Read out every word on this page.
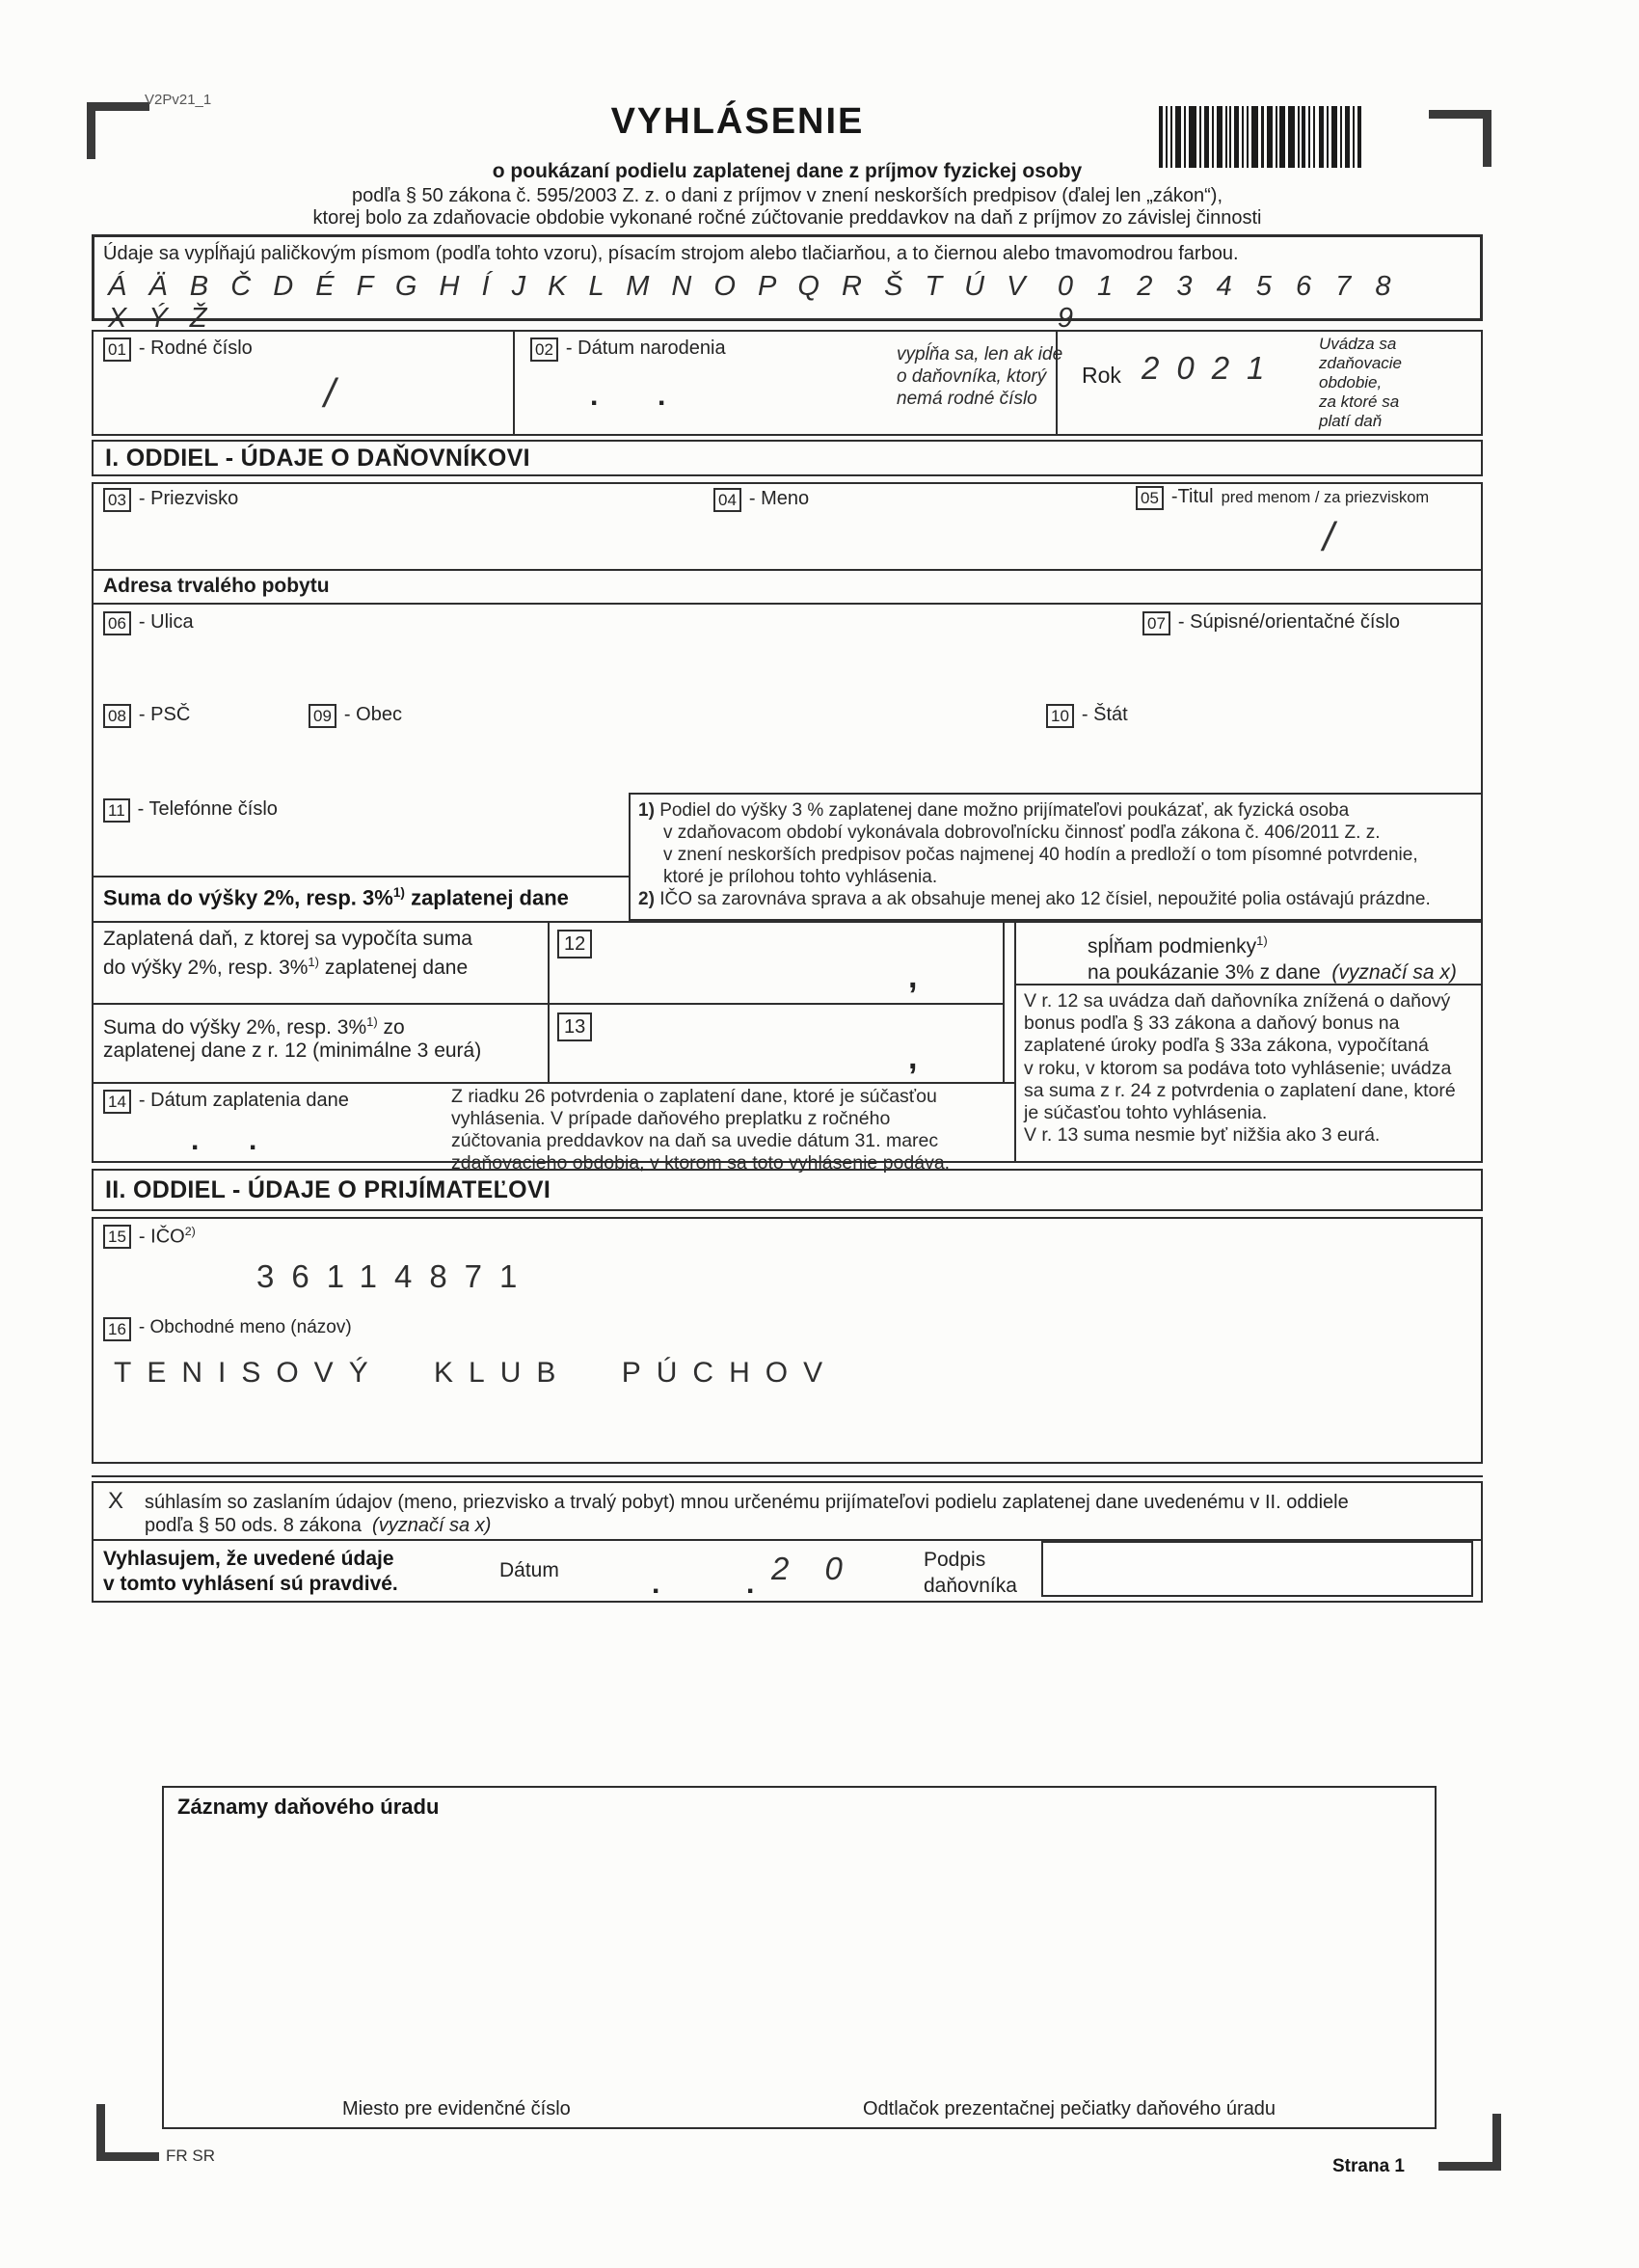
V2Pv21_1
VYHLÁSENIE
o poukázaní podielu zaplatenej dane z príjmov fyzickej osoby
podľa § 50 zákona č. 595/2003 Z. z. o dani z príjmov v znení neskorších predpisov (ďalej len „zákon“),
ktorej bolo za zdaňovacie obdobie vykonané ročné zúčtovanie preddavkov na daň z príjmov zo závislej činnosti
Údaje sa vypĺňajú paličkovým písmom (podľa tohto vzoru), písacím strojom alebo tlačiarňou, a to čiernou alebo tmavomodrou farbou.
Á Ä B Č D É F G H Í J K L M N O P Q R Š T Ú V X Ý Ž
0 1 2 3 4 5 6 7 8 9
01 - Rodné číslo
/
02 - Dátum narodenia
. .
vypĺňa sa, len ak ide
o daňovníka, ktorý
nemá rodné číslo
Rok 2021
Uvádza sa
zdaňovacie
obdobie,
za ktoré sa
platí daň
I. ODDIEL - ÚDAJE O DAŇOVNÍKOVI
03 - Priezvisko	04 - Meno	05 -Titul pred menom / za priezviskom
/
Adresa trvalého pobytu
06 - Ulica	07 - Súpisné/orientačné číslo
08 - PSČ	09 - Obec	10 - Štát
11 - Telefónne číslo	1) Podiel do výšky 3 % zaplatenej dane možno prijímateľovi poukázať, ak fyzická osoba
v zdaňovacom období vykonávala dobrovoľnícku činnosť podľa zákona č. 406/2011 Z. z.
v znení neskorších predpisov počas najmenej 40 hodín a predloží o tom písomné potvrdenie,
ktoré je prílohou tohto vyhlásenia.
2) IČO sa zarovnáva sprava a ak obsahuje menej ako 12 čísiel, nepoužité polia ostávajú prázdne.
Suma do výšky 2%, resp. 3%$^{1)}$ zaplatenej dane
Zaplatená daň, z ktorej sa vypočíta suma
do výšky 2%, resp. 3%$^{1)}$ zaplatenej dane
12
,
Suma do výšky 2%, resp. 3%$^{1)}$ zo
zaplatenej dane z r. 12 (minimálne 3 eurá)
13
,
spĺňam podmienky$^{1)}$
na poukázanie 3% z dane (vyznačí sa x)
V r. 12 sa uvádza daň daňovníka znížená o daňový
bonus podľa § 33 zákona a daňový bonus na
zaplatené úroky podľa § 33a zákona, vypočítaná
v roku, v ktorom sa podáva toto vyhlásenie; uvádza
sa suma z r. 24 z potvrdenia o zaplatení dane, ktoré
je súčasťou tohto vyhlásenia.
V r. 13 suma nesmie byť nižšia ako 3 eurá.
14 - Dátum zaplatenia dane
. .
Z riadku 26 potvrdenia o zaplatení dane, ktoré je súčasťou
vyhlásenia. V prípade daňového preplatku z ročného
zúčtovania preddavkov na daň sa uvedie dátum 31. marec
zdaňovacieho obdobia, v ktorom sa toto vyhlásenie podáva.
II. ODDIEL - ÚDAJE O PRIJÍMATEĽOVI
15 - IČO$^{2)}$
36114871
16 - Obchodné meno (názov)
TENISOVÝ KLUB PÚCHOV
X súhlasím so zaslaním údajov (meno, priezvisko a trvalý pobyt) mnou určenému prijímateľovi podielu zaplatenej dane uvedenému v II. oddiele
podľa § 50 ods. 8 zákona (vyznačí sa x)
Vyhlasujem, že uvedené údaje
v tomto vyhlásení sú pravdivé.
Dátum	.	. 2 0	Podpis
daňovníka
Záznamy daňového úradu
Miesto pre evidenčné číslo	Odtlačok prezentačnej pečiatky daňového úradu
FR SR
Strana 1
